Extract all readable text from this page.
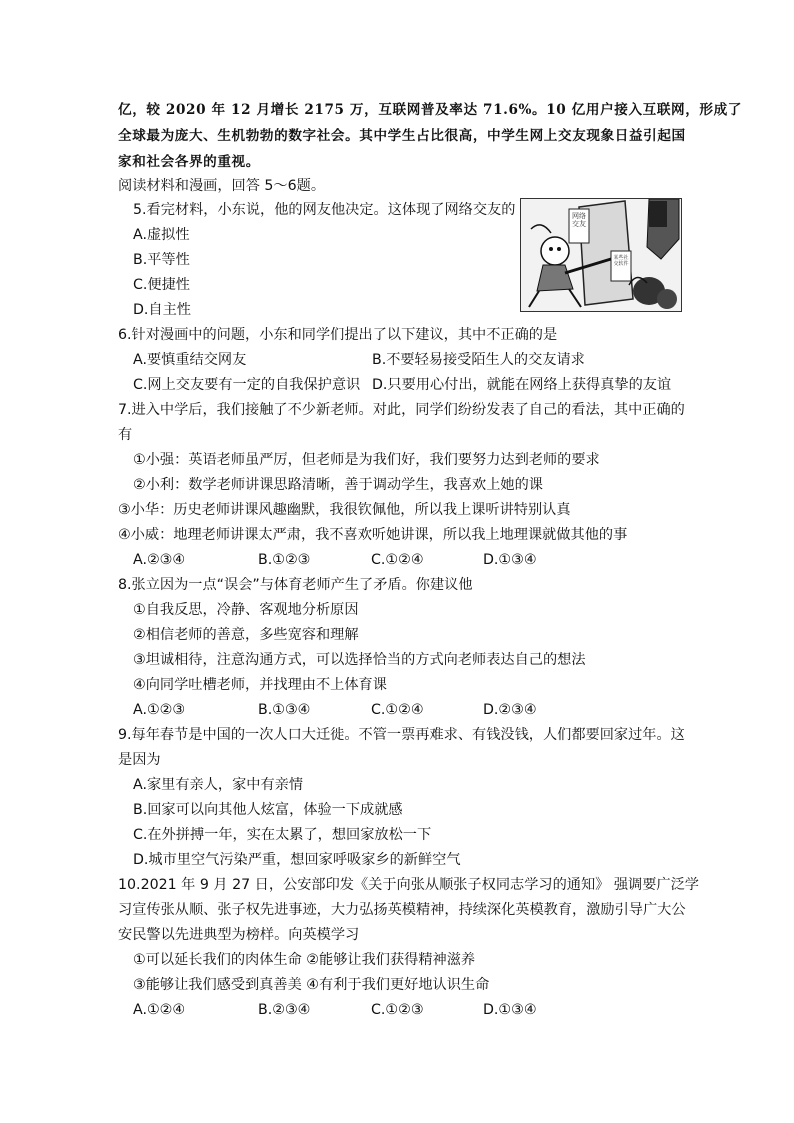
亿，较 2020 年 12 月增长 2175 万，互联网普及率达 71.6%。10 亿用户接入互联网，形成了
全球最为庞大、生机勃勃的数字社会。其中学生占比很高，中学生网上交友现象日益引起国
家和社会各界的重视。
阅读材料和漫画，回答 5～6题。
5.看完材料，小东说，他的网友他决定。这体现了网络交友的
A.虚拟性
B.平等性
C.便捷性
D.自主性
网络交友
某些社交软件
6.针对漫画中的问题，小东和同学们提出了以下建议，其中不正确的是
A.要慎重结交网友	B.不要轻易接受陌生人的交友请求
C.网上交友要有一定的自我保护意识 D.只要用心付出，就能在网络上获得真挚的友谊
7.进入中学后，我们接触了不少新老师。对此，同学们纷纷发表了自己的看法，其中正确的
有
①小强：英语老师虽严厉，但老师是为我们好，我们要努力达到老师的要求
②小利：数学老师讲课思路清晰，善于调动学生，我喜欢上她的课
③小华：历史老师讲课风趣幽默，我很钦佩他，所以我上课听讲特别认真
④小威：地理老师讲课太严肃，我不喜欢听她讲课，所以我上地理课就做其他的事
A.②③④	B.①②③	C.①②④	D.①③④
8.张立因为一点“误会”与体育老师产生了矛盾。你建议他
①自我反思，冷静、客观地分析原因
②相信老师的善意，多些宽容和理解
③坦诚相待，注意沟通方式，可以选择恰当的方式向老师表达自己的想法
④向同学吐槽老师，并找理由不上体育课
A.①②③	B.①③④	C.①②④	D.②③④
9.每年春节是中国的一次人口大迁徙。不管一票再难求、有钱没钱，人们都要回家过年。这
是因为
A.家里有亲人，家中有亲情
B.回家可以向其他人炫富，体验一下成就感
C.在外拼搏一年，实在太累了，想回家放松一下
D.城市里空气污染严重，想回家呼吸家乡的新鲜空气
10.2021 年 9 月 27 日，公安部印发《关于向张从顺张子权同志学习的通知》 强调要广泛学
习宣传张从顺、张子权先进事迹，大力弘扬英模精神，持续深化英模教育，激励引导广大公
安民警以先进典型为榜样。向英模学习
①可以延长我们的肉体生命 ②能够让我们获得精神滋养
③能够让我们感受到真善美 ④有利于我们更好地认识生命
A.①②④	B.②③④	C.①②③	D.①③④
